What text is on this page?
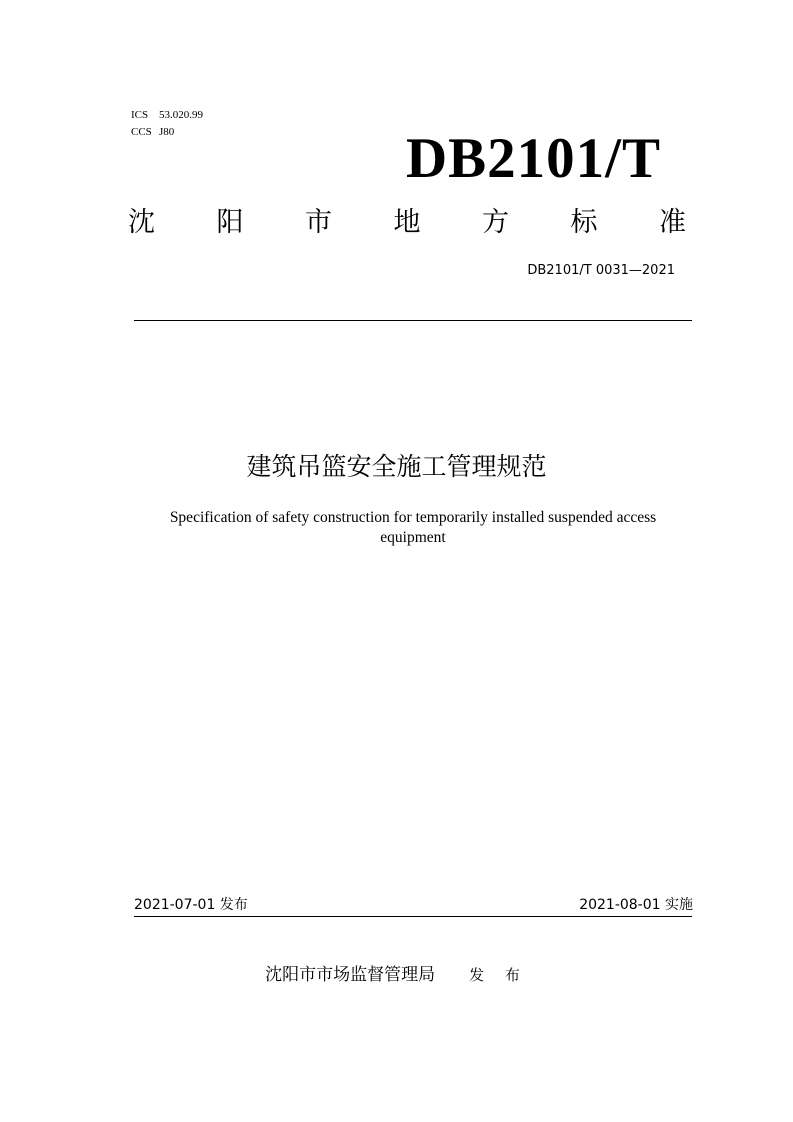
ICS 53.020.99
CCS J80	DB2101/T
沈 阳 市 地 方 标 准
DB2101/T 0031—2021
建筑吊篮安全施工管理规范
Specification of safety construction for temporarily installed suspended access equipment
2021-07-01 发布	2021-08-01 实施
沈阳市市场监督管理局 发 布
